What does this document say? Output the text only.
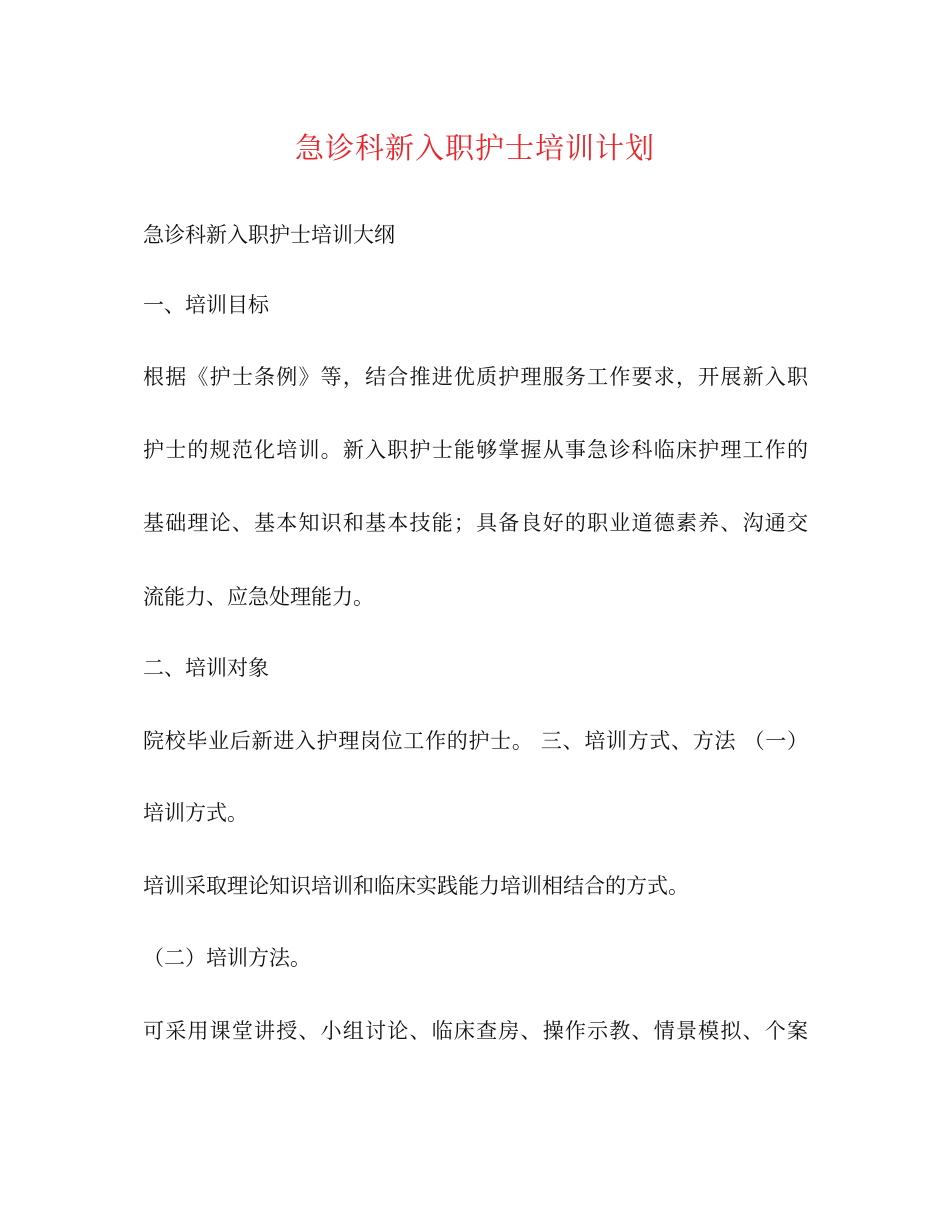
急诊科新入职护士培训计划

急诊科新入职护士培训大纲

一、培训目标

根据《护士条例》等，结合推进优质护理服务工作要求，开展新入职

护士的规范化培训。新入职护士能够掌握从事急诊科临床护理工作的

基础理论、基本知识和基本技能；具备良好的职业道德素养、沟通交

流能力、应急处理能力。

二、培训对象

院校毕业后新进入护理岗位工作的护士。 三、培训方式、方法 （一）

培训方式。

培训采取理论知识培训和临床实践能力培训相结合的方式。

（二）培训方法。

可采用课堂讲授、小组讨论、临床查房、操作示教、情景模拟、个案
